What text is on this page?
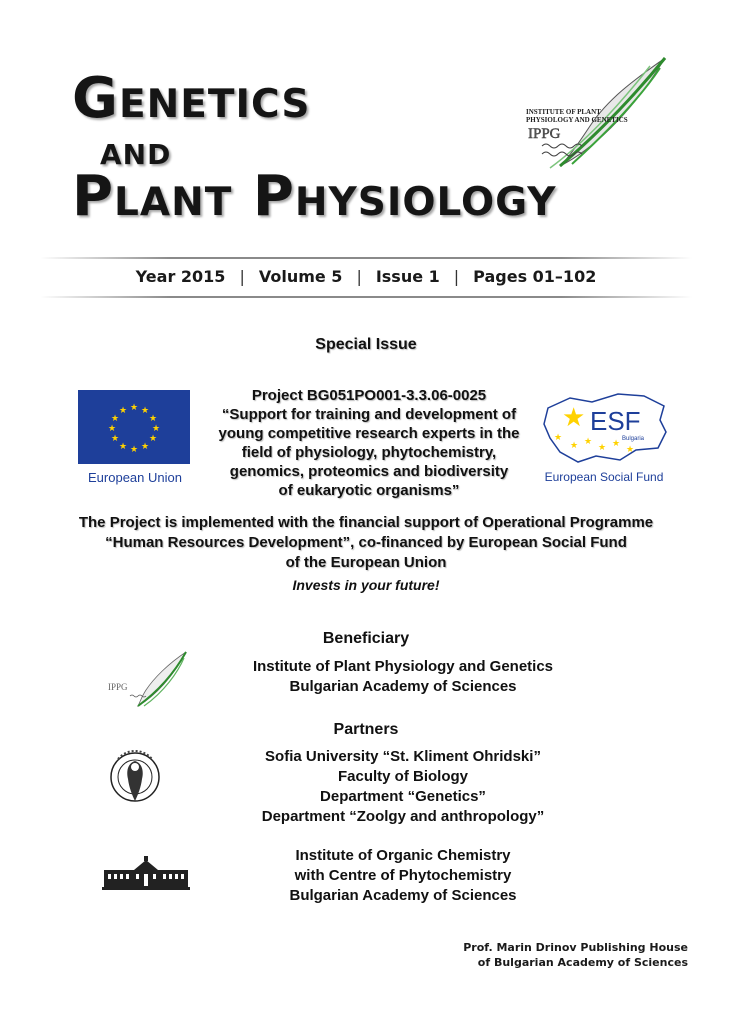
Genetics
and
Plant Physiology
INSTITUTE OF PLANT
PHYSIOLOGY AND GENETICS
IPPG
Year 2015 | Volume 5 | Issue 1 | Pages 01–102
Special Issue
★ ★
★
★
★
★
★
★
★
★
★
★
European Union
Project BG051PO001-3.3.06-0025
“Support for training and development of
young competitive research experts in the
field of physiology, phytochemistry,
genomics, proteomics and biodiversity
of eukaryotic organisms”
★ ESF
Bulgaria
★
★ ★
★ ★
★
European Social Fund
The Project is implemented with the financial support of Operational Programme
“Human Resources Development”, co-financed by European Social Fund
of the European Union
Invests in your future!
Beneficiary
IPPG
Institute of Plant Physiology and Genetics
Bulgarian Academy of Sciences
Partners
Sofia University “St. Kliment Ohridski”
Faculty of Biology
Department “Genetics”
Department “Zoolgy and anthropology”
Institute of Organic Chemistry
with Centre of Phytochemistry
Bulgarian Academy of Sciences
Prof. Marin Drinov Publishing House
of Bulgarian Academy of Sciences
